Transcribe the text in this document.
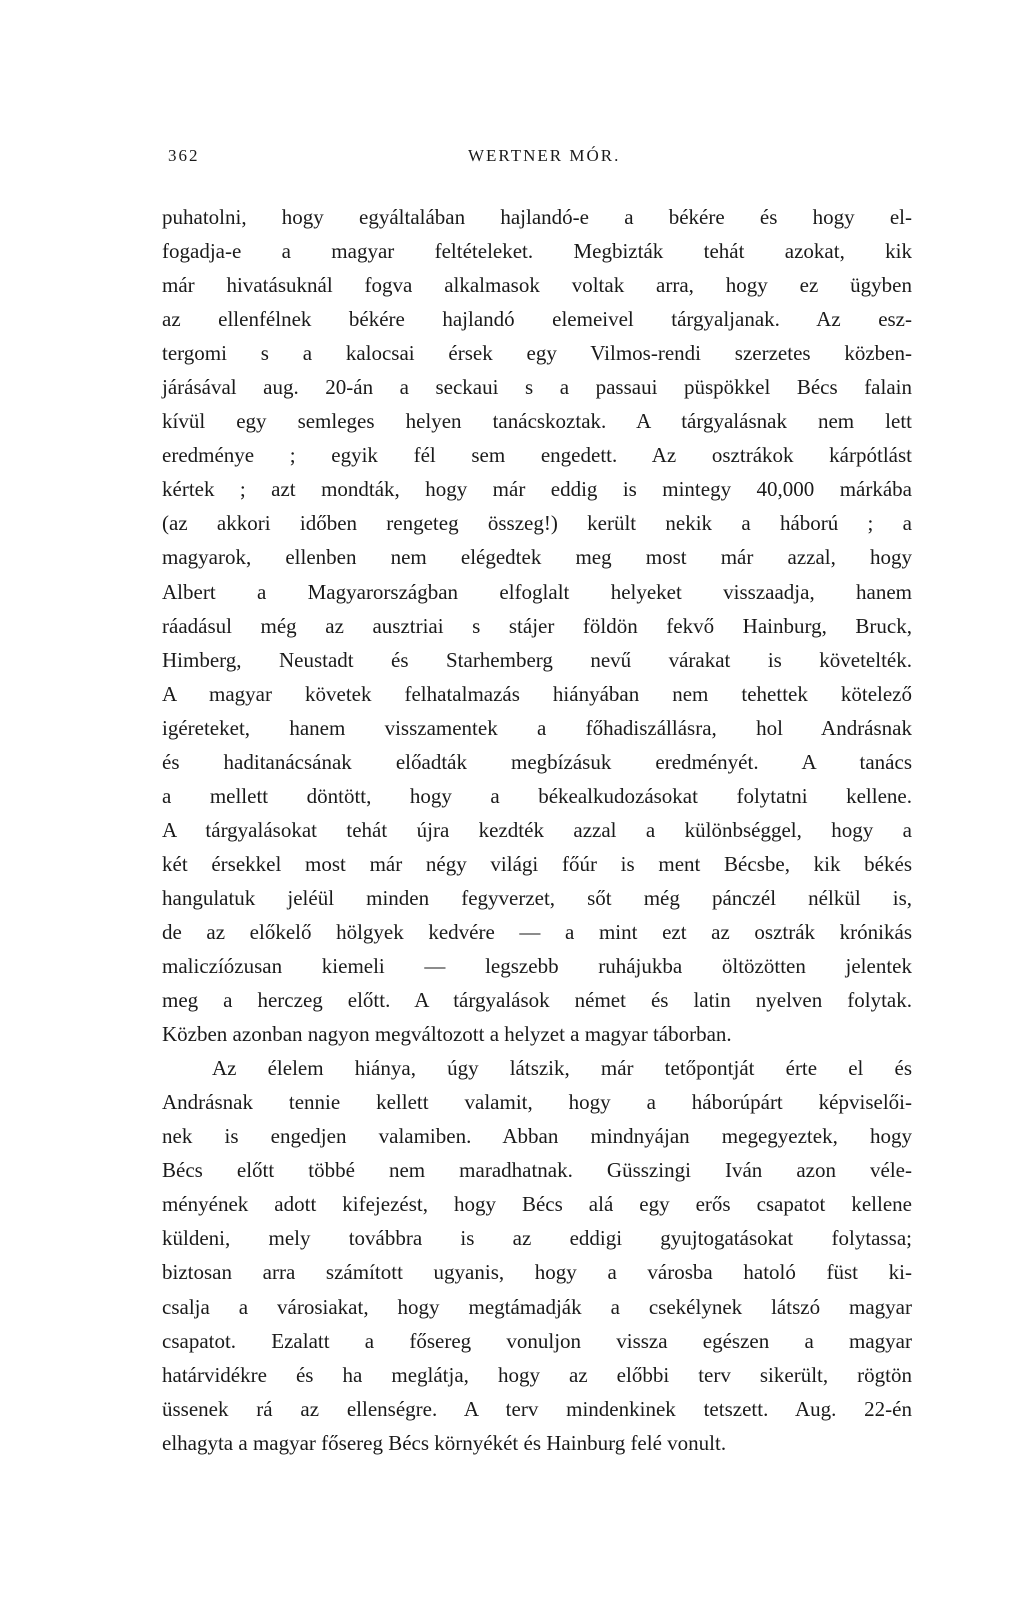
362	WERTNER MÓR.
puhatolni, hogy egyáltalában hajlandó-e a békére és hogy el-
fogadja-e a magyar feltételeket. Megbizták tehát azokat, kik
már hivatásuknál fogva alkalmasok voltak arra, hogy ez ügyben
az ellenfélnek békére hajlandó elemeivel tárgyaljanak. Az esz-
tergomi s a kalocsai érsek egy Vilmos-rendi szerzetes közben-
járásával aug. 20-án a seckaui s a passaui püspökkel Bécs falain
kívül egy semleges helyen tanácskoztak. A tárgyalásnak nem lett
eredménye ; egyik fél sem engedett. Az osztrákok kárpótlást
kértek ; azt mondták, hogy már eddig is mintegy 40,000 márkába
(az akkori időben rengeteg összeg!) került nekik a háború ; a
magyarok, ellenben nem elégedtek meg most már azzal, hogy
Albert a Magyarországban elfoglalt helyeket visszaadja, hanem
ráadásul még az ausztriai s stájer földön fekvő Hainburg, Bruck,
Himberg, Neustadt és Starhemberg nevű várakat is követelték.
A magyar követek felhatalmazás hiányában nem tehettek kötelező
igéreteket, hanem visszamentek a főhadiszállásra, hol Andrásnak
és haditanácsának előadták megbízásuk eredményét. A tanács
a mellett döntött, hogy a békealkudozásokat folytatni kellene.
A tárgyalásokat tehát újra kezdték azzal a különbséggel, hogy a
két érsekkel most már négy világi főúr is ment Bécsbe, kik békés
hangulatuk jeléül minden fegyverzet, sőt még pánczél nélkül is,
de az előkelő hölgyek kedvére — a mint ezt az osztrák krónikás
maliczíózusan kiemeli — legszebb ruhájukba öltözötten jelentek
meg a herczeg előtt. A tárgyalások német és latin nyelven folytak.
Közben azonban nagyon megváltozott a helyzet a magyar táborban.
Az élelem hiánya, úgy látszik, már tetőpontját érte el és
Andrásnak tennie kellett valamit, hogy a háborúpárt képviselői-
nek is engedjen valamiben. Abban mindnyájan megegyeztek, hogy
Bécs előtt többé nem maradhatnak. Güsszingi Iván azon véle-
ményének adott kifejezést, hogy Bécs alá egy erős csapatot kellene
küldeni, mely továbbra is az eddigi gyujtogatásokat folytassa;
biztosan arra számított ugyanis, hogy a városba hatoló füst ki-
csalja a városiakat, hogy megtámadják a csekélynek látszó magyar
csapatot. Ezalatt a fősereg vonuljon vissza egészen a magyar
határvidékre és ha meglátja, hogy az előbbi terv sikerült, rögtön
üssenek rá az ellenségre. A terv mindenkinek tetszett. Aug. 22-én
elhagyta a magyar fősereg Bécs környékét és Hainburg felé vonult.
